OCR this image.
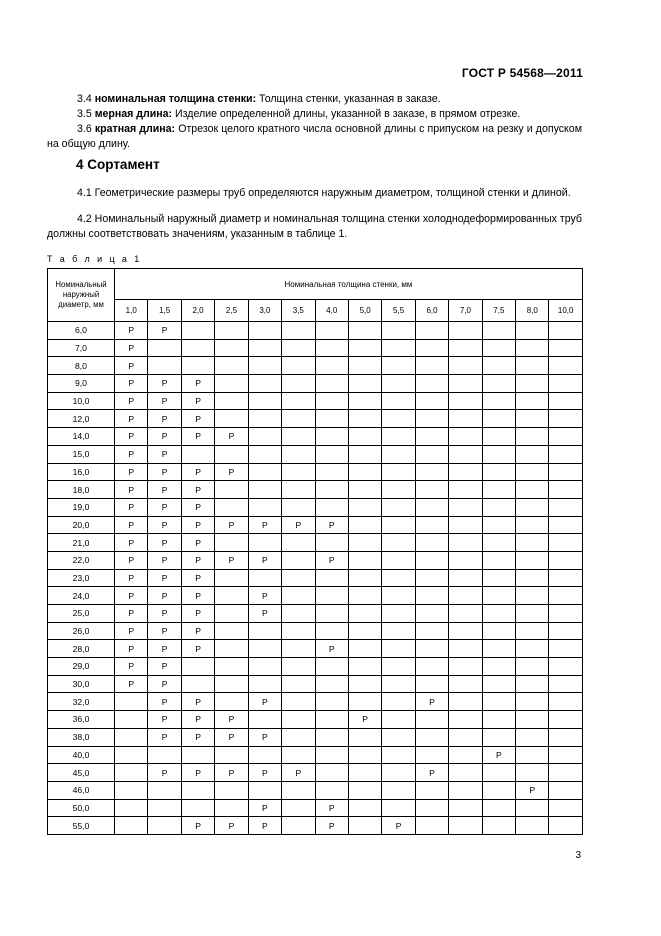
ГОСТ Р 54568—2011
3.4 номинальная толщина стенки: Толщина стенки, указанная в заказе.
3.5 мерная длина: Изделие определенной длины, указанной в заказе, в прямом отрезке.
3.6 кратная длина: Отрезок целого кратного числа основной длины с припуском на резку и допуском на общую длину.
4 Сортамент
4.1 Геометрические размеры труб определяются наружным диаметром, толщиной стенки и длиной.
4.2 Номинальный наружный диаметр и номинальная толщина стенки холоднодеформированных труб должны соответствовать значениям, указанным в таблице 1.
Т а б л и ц а 1
Номинальный наружный диаметр, мм	Номинальная толщина стенки, мм													
	1,0	1,5	2,0	2,5	3,0	3,5	4,0	5,0	5,5	6,0	7,0	7,5	8,0	10,0
6,0	Р	Р												
7,0	Р													
8,0	Р													
9,0	Р	Р	Р											
10,0	Р	Р	Р											
12,0	Р	Р	Р											
14,0	Р	Р	Р	Р										
15,0	Р	Р												
16,0	Р	Р	Р	Р										
18,0	Р	Р	Р											
19,0	Р	Р	Р											
20,0	Р	Р	Р	Р	Р	Р	Р							
21,0	Р	Р	Р											
22,0	Р	Р	Р	Р	Р		Р							
23,0	Р	Р	Р											
24,0	Р	Р	Р		Р									
25,0	Р	Р	Р		Р									
26,0	Р	Р	Р											
28,0	Р	Р	Р				Р							
29,0	Р	Р												
30,0	Р	Р												
32,0		Р	Р		Р					Р				
36,0		Р	Р	Р				Р						
38,0		Р	Р	Р	Р									
40,0												Р		
45,0		Р	Р	Р	Р	Р				Р				
46,0													Р	
50,0					Р		Р							
55,0			Р	Р	Р		Р		Р					
3
